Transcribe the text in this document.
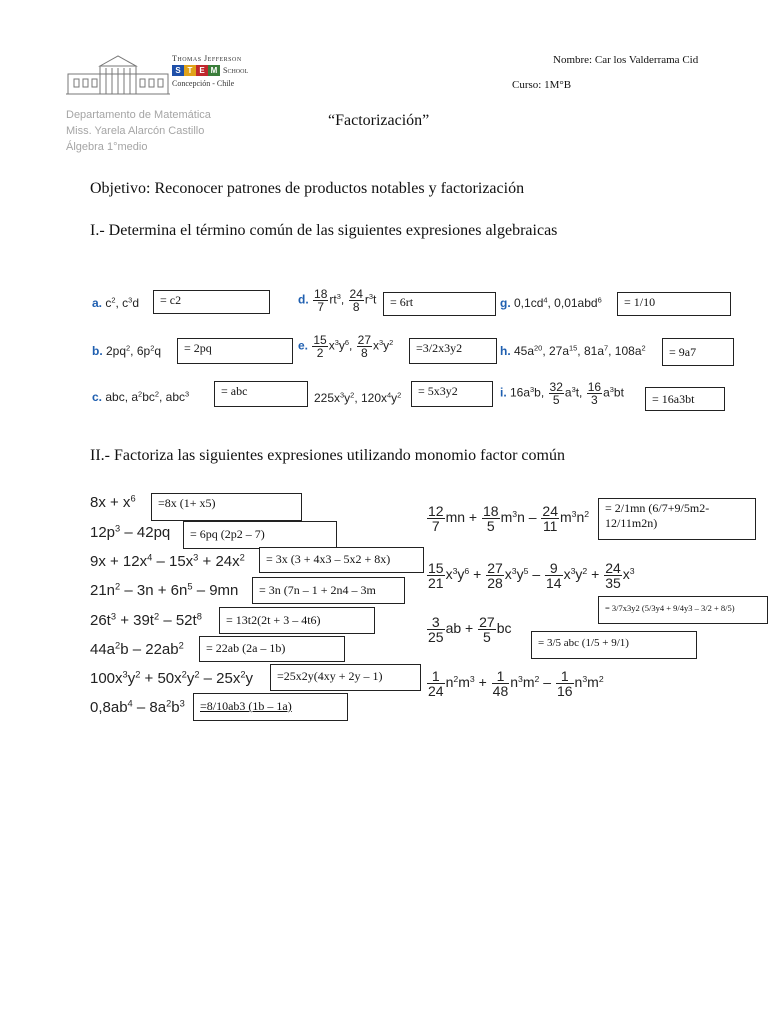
Thomas Jefferson
S T E M School
Concepción - Chile
Nombre: Car los Valderrama Cid
Curso: 1M°B
Departamento de Matemática
Miss. Yarela Alarcón Castillo
Álgebra 1°medio
“Factorización”
Objetivo: Reconocer patrones de productos notables y factorización
I.- Determina el término común de las siguientes expresiones algebraicas
a. $c^2$, $c^3d$	= c2	d. $\frac{18}{7} rt^3$, $\frac{24}{8} r^3t$	= 6rt	g. $0,1cd^4$, 0,01abd$^6$	= 1/10
b. $2pq^2$, $6p^2q$	= 2pq	e. $\frac{15}{2} x^3y^6$, $\frac{27}{8} x^3y^2$	=3/2x3y2	h. $45a^{20}$, $27a^{15}$, $81a^7$, $108a^2$	= 9a7
c. abc, $a^2bc^2$, abc$^3$	= abc	$225x^3y^2$, $120x^4y^2$	= 5x3y2	i. $16a^3b$, $\frac{32}{5} a^3t$, $\frac{16}{3} a^3bt$	= 16a3bt
II.- Factoriza las siguientes expresiones utilizando monomio factor común
$8x + x^6$	=8x (1+ x5)
$12p^3 - 42pq$	= 6pq (2p2 – 7)
$9x + 12x^4 - 15x^3 + 24x^2$	= 3x (3 + 4x3 – 5x2 + 8x)
$21n^2 - 3n + 6n^5 - 9mn$	= 3n (7n – 1 + 2n4 – 3m
$26t^3 + 39t^2 - 52t^8$	= 13t2(2t + 3 – 4t6)
$44a^2b - 22ab^2$	= 22ab (2a – 1b)
$100x^3y^2 + 50x^2y^2 - 25x^2y$	=25x2y(4xy + 2y – 1)
$0,8ab^4 - 8a^2b^3$	=8/10ab3 (1b – 1a)
$\frac{12}{7}$ mn + $\frac{18}{5} m^3n - \frac{24}{11} m^3n^2 = 2/1mn$ (6/7+9/5m2-
12/11m2n)
$\frac{15}{21} x^3y^6 + \frac{27}{28} x^3y^5 - \frac{9}{14} x^3y^2 + \frac{24}{35} x^3$
= 3/7x3y2 (5/3y4 + 9/4y3 – 3/2 + 8/5)
$\frac{3}{25}$ ab + $\frac{27}{5}$ bc
= 3/5 abc (1/5 + 9/1)
$\frac{1}{24} n^2m^3 + \frac{1}{48} n^3m^2 - \frac{1}{16} n^3m^2$
